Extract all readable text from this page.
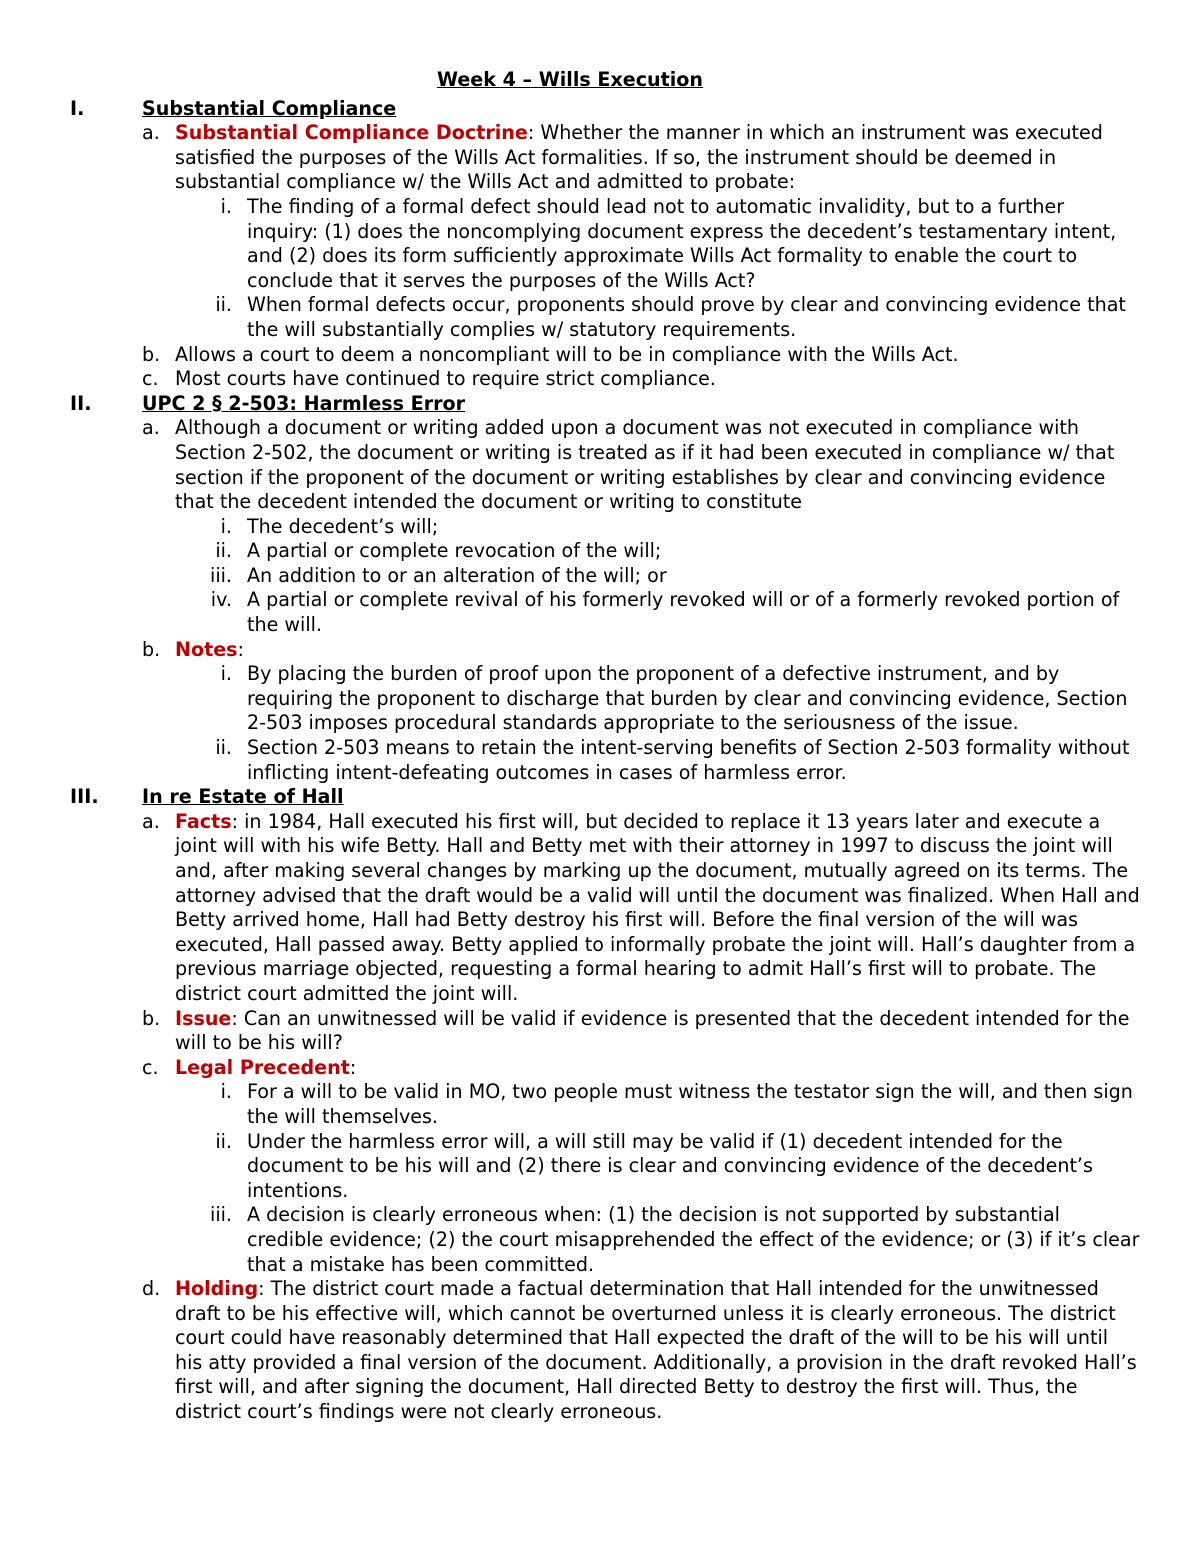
Week 4 – Wills Execution
I.	Substantial Compliance
a. Substantial Compliance Doctrine: Whether the manner in which an instrument was executed satisfied the purposes of the Wills Act formalities. If so, the instrument should be deemed in substantial compliance w/ the Wills Act and admitted to probate:
i. The finding of a formal defect should lead not to automatic invalidity, but to a further inquiry: (1) does the noncomplying document express the decedent’s testamentary intent, and (2) does its form sufficiently approximate Wills Act formality to enable the court to conclude that it serves the purposes of the Wills Act?
ii. When formal defects occur, proponents should prove by clear and convincing evidence that the will substantially complies w/ statutory requirements.
b. Allows a court to deem a noncompliant will to be in compliance with the Wills Act.
c. Most courts have continued to require strict compliance.
II.	UPC 2 § 2-503: Harmless Error
a. Although a document or writing added upon a document was not executed in compliance with Section 2-502, the document or writing is treated as if it had been executed in compliance w/ that section if the proponent of the document or writing establishes by clear and convincing evidence that the decedent intended the document or writing to constitute
i. The decedent’s will;
ii. A partial or complete revocation of the will;
iii. An addition to or an alteration of the will; or
iv. A partial or complete revival of his formerly revoked will or of a formerly revoked portion of the will.
b. Notes:
i. By placing the burden of proof upon the proponent of a defective instrument, and by requiring the proponent to discharge that burden by clear and convincing evidence, Section 2-503 imposes procedural standards appropriate to the seriousness of the issue.
ii. Section 2-503 means to retain the intent-serving benefits of Section 2-503 formality without inflicting intent-defeating outcomes in cases of harmless error.
III.	In re Estate of Hall
a. Facts: in 1984, Hall executed his first will, but decided to replace it 13 years later and execute a joint will with his wife Betty. Hall and Betty met with their attorney in 1997 to discuss the joint will and, after making several changes by marking up the document, mutually agreed on its terms. The attorney advised that the draft would be a valid will until the document was finalized. When Hall and Betty arrived home, Hall had Betty destroy his first will. Before the final version of the will was executed, Hall passed away. Betty applied to informally probate the joint will. Hall’s daughter from a previous marriage objected, requesting a formal hearing to admit Hall’s first will to probate. The district court admitted the joint will.
b. Issue: Can an unwitnessed will be valid if evidence is presented that the decedent intended for the will to be his will?
c. Legal Precedent:
i. For a will to be valid in MO, two people must witness the testator sign the will, and then sign the will themselves.
ii. Under the harmless error will, a will still may be valid if (1) decedent intended for the document to be his will and (2) there is clear and convincing evidence of the decedent’s intentions.
iii. A decision is clearly erroneous when: (1) the decision is not supported by substantial credible evidence; (2) the court misapprehended the effect of the evidence; or (3) if it’s clear that a mistake has been committed.
d. Holding: The district court made a factual determination that Hall intended for the unwitnessed draft to be his effective will, which cannot be overturned unless it is clearly erroneous. The district court could have reasonably determined that Hall expected the draft of the will to be his will until his atty provided a final version of the document. Additionally, a provision in the draft revoked Hall’s first will, and after signing the document, Hall directed Betty to destroy the first will. Thus, the district court’s findings were not clearly erroneous.
